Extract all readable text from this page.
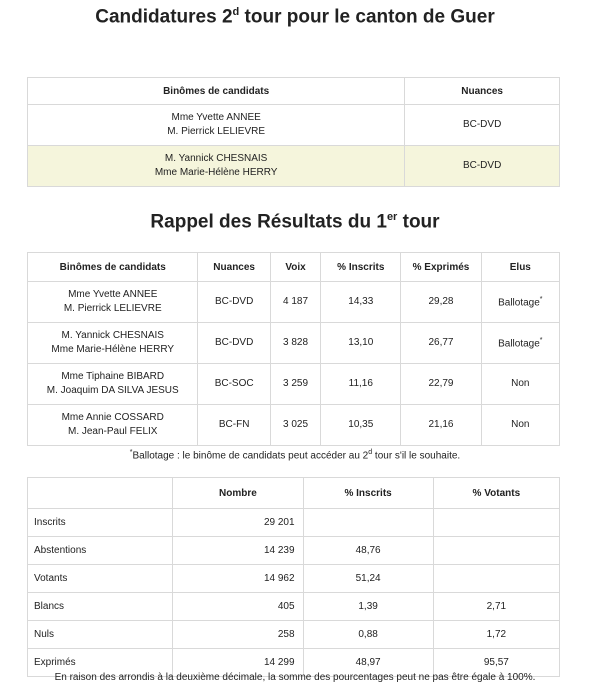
Candidatures 2$^d$ tour pour le canton de Guer
Binômes de candidats	Nuances

Mme Yvette ANNEE
M. Pierrick LELIEVRE	BC-DVD

M. Yannick CHESNAIS
Mme Marie-Hélène HERRY	BC-DVD
Rappel des Résultats du 1er tour
Binômes de candidats	Nuances	Voix	% Inscrits	% Exprimés	Elus

Mme Yvette ANNEE
M. Pierrick LELIEVRE	BC-DVD	4 187	14,33	29,28	Ballotage*

M. Yannick CHESNAIS
Mme Marie-Hélène HERRY	BC-DVD	3 828	13,10	26,77	Ballotage*

Mme Tiphaine BIBARD
M. Joaquim DA SILVA JESUS	BC-SOC	3 259	11,16	22,79	Non

Mme Annie COSSARD
M. Jean-Paul FELIX	BC-FN	3 025	10,35	21,16	Non
*Ballotage : le binôme de candidats peut accéder au 2$^d$ tour s'il le souhaite.
	Nombre	% Inscrits	% Votants
Inscrits	29 201		
Abstentions	14 239	48,76	
Votants	14 962	51,24	
Blancs	405	1,39	2,71
Nuls	258	0,88	1,72
Exprimés	14 299	48,97	95,57
En raison des arrondis à la deuxième décimale, la somme des pourcentages peut ne pas être égale à 100%.
